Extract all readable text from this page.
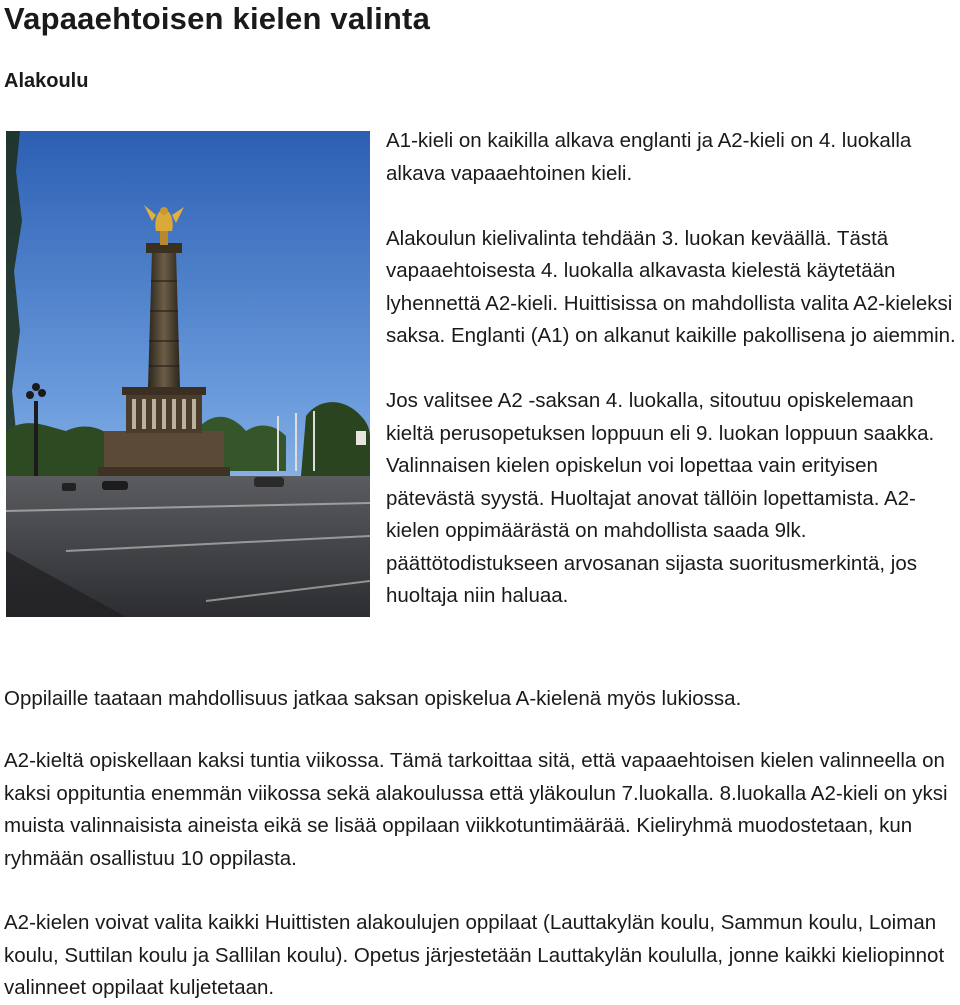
Vapaaehtoisen kielen valinta
Alakoulu

A1-kieli on kaikilla alkava englanti ja A2-kieli on 4. luokalla alkava vapaaehtoinen kieli.

Alakoulun kielivalinta tehdään 3. luokan keväällä. Tästä vapaaehtoisesta 4. luokalla alkavasta kielestä käytetään lyhennettä A2-kieli. Huittisissa on mahdollista valita A2-kieleksi saksa. Englanti (A1) on alkanut kaikille pakollisena jo aiemmin.

Jos valitsee A2 -saksan 4. luokalla, sitoutuu opiskelemaan kieltä perusopetuksen loppuun eli 9. luokan loppuun saakka. Valinnaisen kielen opiskelun voi lopettaa vain erityisen pätevästä syystä. Huoltajat anovat tällöin lopettamista. A2-kielen oppimäärästä on mahdollista saada 9lk. päättötodistukseen arvosanan sijasta suoritusmerkintä, jos huoltaja niin haluaa.

Oppilaille taataan mahdollisuus jatkaa saksan opiskelua A-kielenä myös lukiossa.

A2-kieltä opiskellaan kaksi tuntia viikossa. Tämä tarkoittaa sitä, että vapaaehtoisen kielen valinneella on kaksi oppituntia enemmän viikossa sekä alakoulussa että yläkoulun 7.luokalla. 8.luokalla A2-kieli on yksi muista valinnaisista aineista eikä se lisää oppilaan viikkotuntimäärää. Kieliryhmä muodostetaan, kun ryhmään osallistuu 10 oppilasta.

A2-kielen voivat valita kaikki Huittisten alakoulujen oppilaat (Lauttakylän koulu, Sammun koulu, Loiman koulu, Suttilan koulu ja Sallilan koulu). Opetus järjestetään Lauttakylän koululla, jonne kaikki kieliopinnot valinneet oppilaat kuljetetaan.
